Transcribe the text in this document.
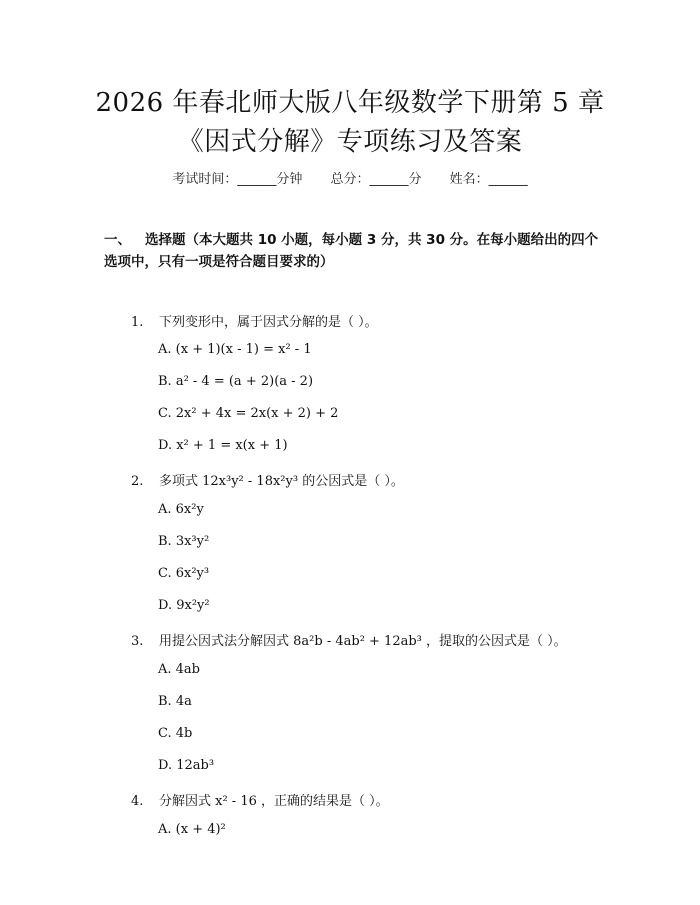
2026 年春北师大版八年级数学下册第 5 章
《因式分解》专项练习及答案
考试时间：______分钟 总分：______分 姓名：______
一、 选择题（本大题共 10 小题，每小题 3 分，共 30 分。在每小题给出的四个选项中，只有一项是符合题目要求的）
1. 下列变形中，属于因式分解的是（ ）。
A. (x + 1)(x - 1) = x² - 1
B. a² - 4 = (a + 2)(a - 2)
C. 2x² + 4x = 2x(x + 2) + 2
D. x² + 1 = x(x + 1)
2. 多项式 12x³y² - 18x²y³ 的公因式是（ ）。
A. 6x²y
B. 3x³y²
C. 6x²y³
D. 9x²y²
3. 用提公因式法分解因式 8a²b - 4ab² + 12ab³ ，提取的公因式是（ ）。
A. 4ab
B. 4a
C. 4b
D. 12ab³
4. 分解因式 x² - 16 ，正确的结果是（ ）。
A. (x + 4)²
